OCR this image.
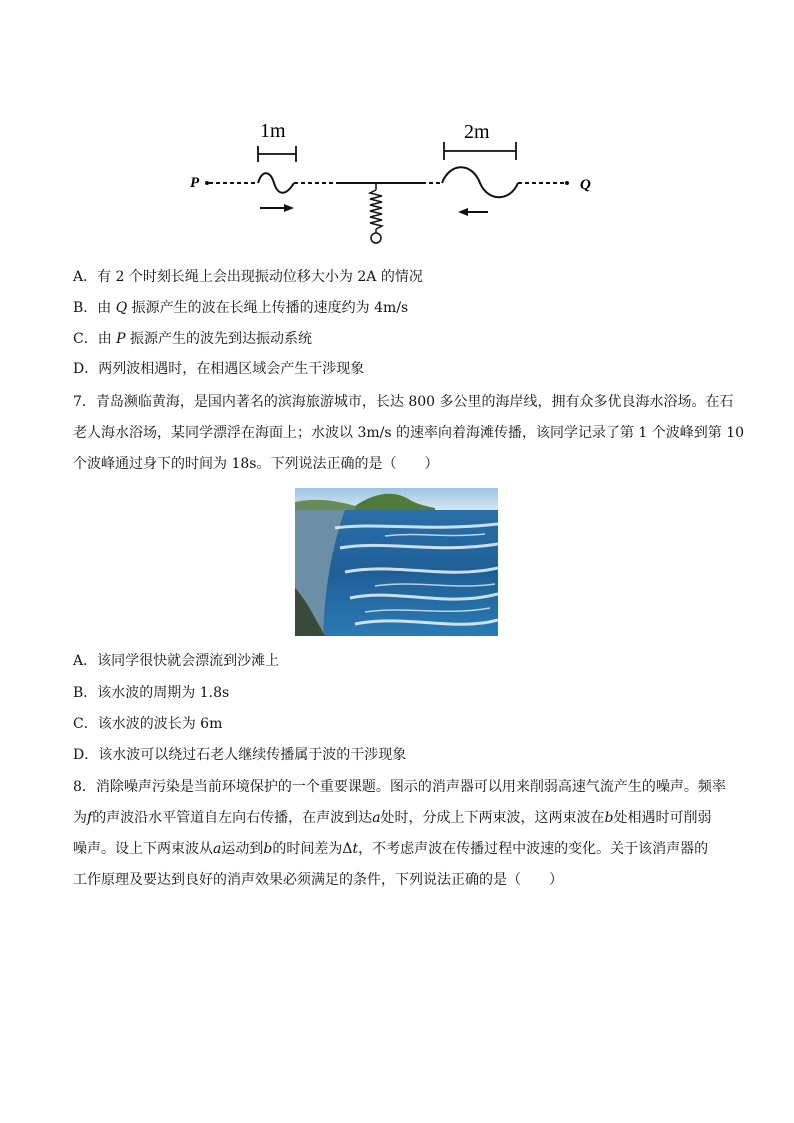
P	Q
1m	2m
A．有 2 个时刻长绳上会出现振动位移大小为 2A 的情况
B．由 Q 振源产生的波在长绳上传播的速度约为 4m/s
C．由 P 振源产生的波先到达振动系统
D．两列波相遇时，在相遇区域会产生干涉现象
7．青岛濒临黄海，是国内著名的滨海旅游城市，长达 800 多公里的海岸线，拥有众多优良海水浴场。在石
老人海水浴场，某同学漂浮在海面上；水波以 3m/s 的速率向着海滩传播，该同学记录了第 1 个波峰到第 10
个波峰通过身下的时间为 18s。下列说法正确的是（　　）
A．该同学很快就会漂流到沙滩上
B．该水波的周期为 1.8s
C．该水波的波长为 6m
D．该水波可以绕过石老人继续传播属于波的干涉现象
8．消除噪声污染是当前环境保护的一个重要课题。图示的消声器可以用来削弱高速气流产生的噪声。频率
为f的声波沿水平管道自左向右传播，在声波到达a处时，分成上下两束波，这两束波在b处相遇时可削弱
噪声。设上下两束波从a运动到b的时间差为Δt，不考虑声波在传播过程中波速的变化。关于该消声器的
工作原理及要达到良好的消声效果必须满足的条件，下列说法正确的是（　　）
